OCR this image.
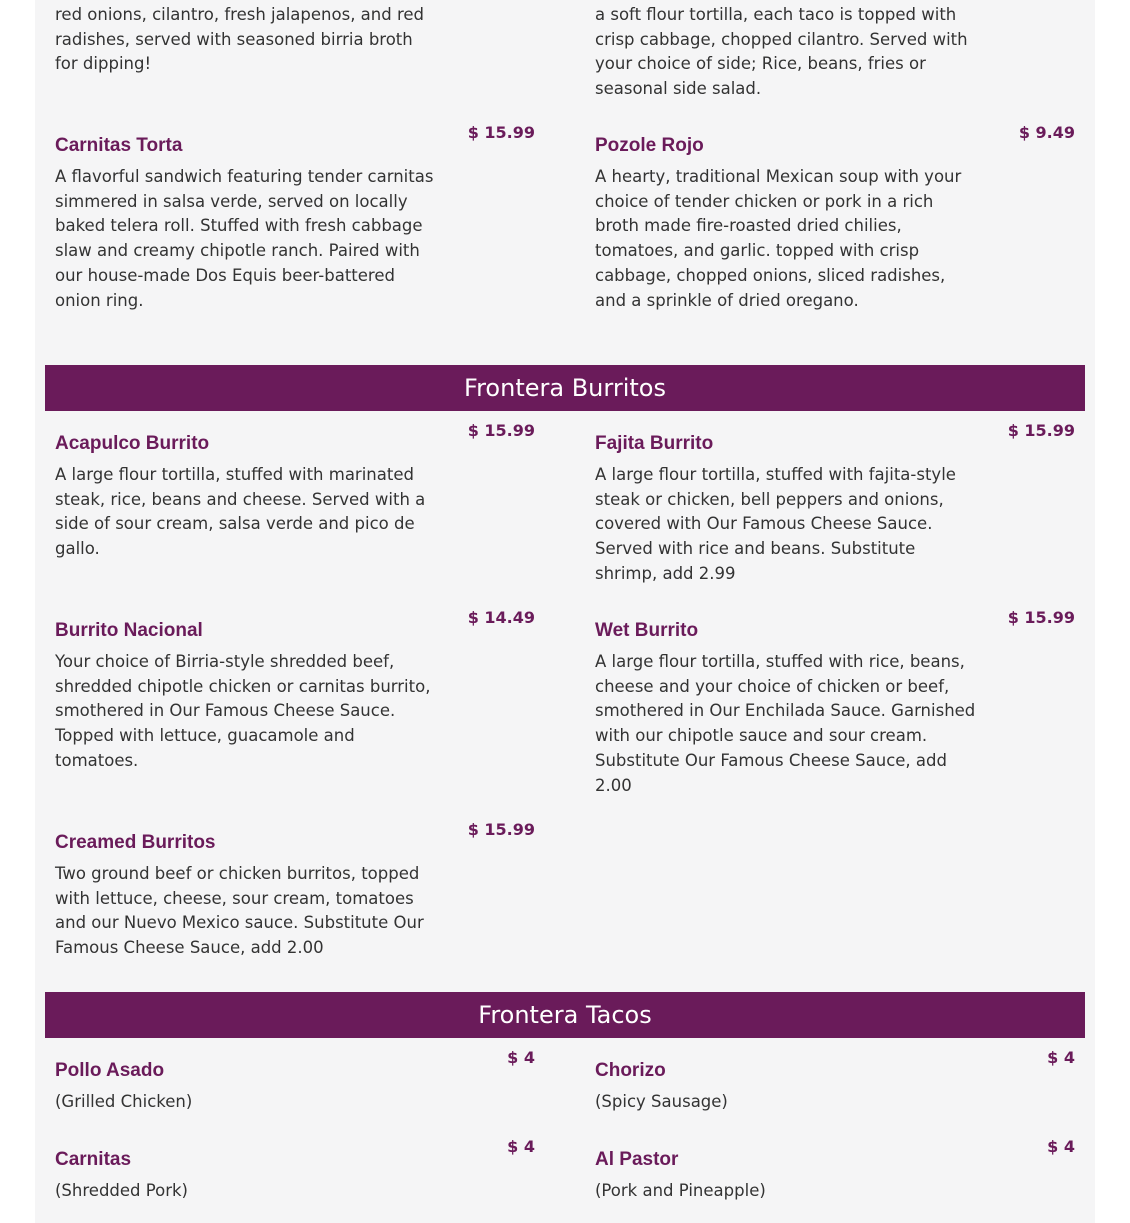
red onions, cilantro, fresh jalapenos, and red radishes, served with seasoned birria broth for dipping!
a soft flour tortilla, each taco is topped with crisp cabbage, chopped cilantro. Served with your choice of side; Rice, beans, fries or seasonal side salad.
Carnitas Torta
$ 15.99
A flavorful sandwich featuring tender carnitas simmered in salsa verde, served on locally baked telera roll. Stuffed with fresh cabbage slaw and creamy chipotle ranch. Paired with our house-made Dos Equis beer-battered onion ring.
Pozole Rojo
$ 9.49
A hearty, traditional Mexican soup with your choice of tender chicken or pork in a rich broth made fire-roasted dried chilies, tomatoes, and garlic. topped with crisp cabbage, chopped onions, sliced radishes, and a sprinkle of dried oregano.
Frontera Burritos
Acapulco Burrito
$ 15.99
A large flour tortilla, stuffed with marinated steak, rice, beans and cheese. Served with a side of sour cream, salsa verde and pico de gallo.
Fajita Burrito
$ 15.99
A large flour tortilla, stuffed with fajita-style steak or chicken, bell peppers and onions, covered with Our Famous Cheese Sauce. Served with rice and beans. Substitute shrimp, add 2.99
Burrito Nacional
$ 14.49
Your choice of Birria-style shredded beef, shredded chipotle chicken or carnitas burrito, smothered in Our Famous Cheese Sauce. Topped with lettuce, guacamole and tomatoes.
Wet Burrito
$ 15.99
A large flour tortilla, stuffed with rice, beans, cheese and your choice of chicken or beef, smothered in Our Enchilada Sauce. Garnished with our chipotle sauce and sour cream. Substitute Our Famous Cheese Sauce, add 2.00
Creamed Burritos
$ 15.99
Two ground beef or chicken burritos, topped with lettuce, cheese, sour cream, tomatoes and our Nuevo Mexico sauce. Substitute Our Famous Cheese Sauce, add 2.00
Frontera Tacos
Pollo Asado
$ 4
(Grilled Chicken)
Chorizo
$ 4
(Spicy Sausage)
Carnitas
$ 4
(Shredded Pork)
Al Pastor
$ 4
(Pork and Pineapple)
